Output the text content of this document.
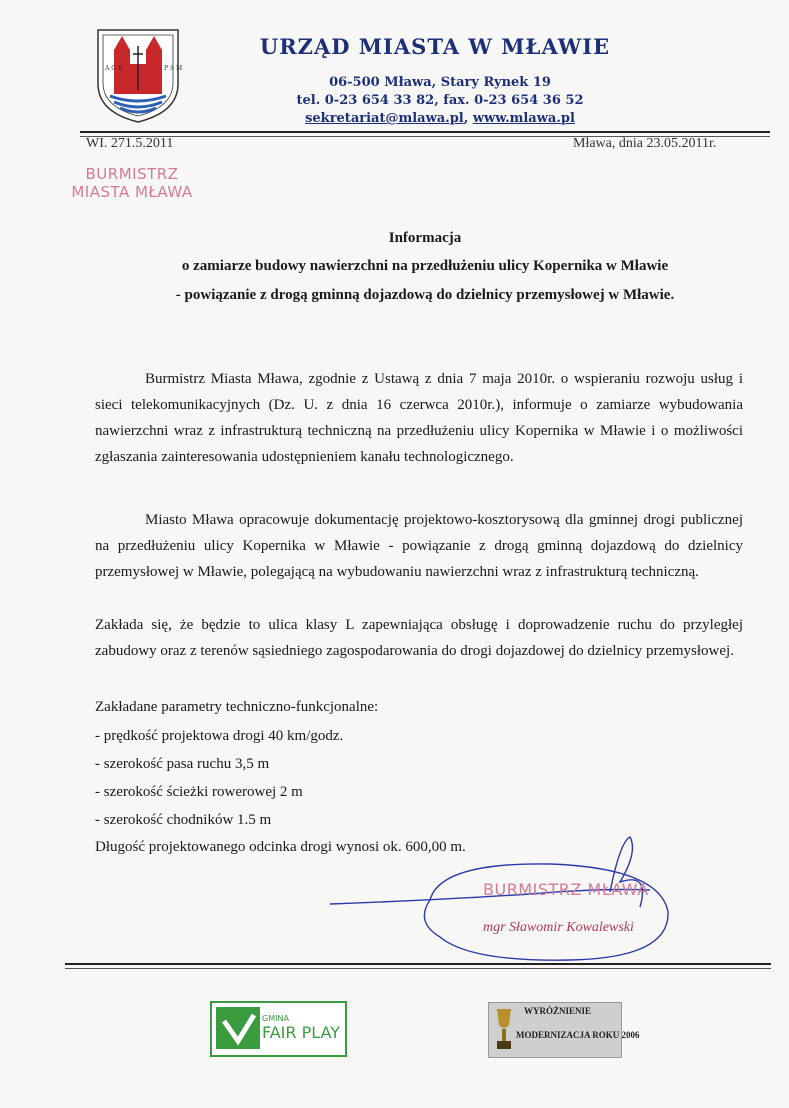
A O R	P S M
URZĄD MIASTA W MŁAWIE
06-500 Mława, Stary Rynek 19
tel. 0-23 654 33 82, fax. 0-23 654 36 52
sekretariat@mlawa.pl, www.mlawa.pl
WI. 271.5.2011	Mława, dnia 23.05.2011r.
BURMISTRZ
MIASTA MŁAWA
Informacja
o zamiarze budowy nawierzchni na przedłużeniu ulicy Kopernika w Mławie
- powiązanie z drogą gminną dojazdową do dzielnicy przemysłowej w Mławie.
Burmistrz Miasta Mława, zgodnie z Ustawą z dnia 7 maja 2010r. o wspieraniu rozwoju usług i sieci telekomunikacyjnych (Dz. U. z dnia 16 czerwca 2010r.), informuje o zamiarze wybudowania nawierzchni wraz z infrastrukturą techniczną na przedłużeniu ulicy Kopernika w Mławie i o możliwości zgłaszania zainteresowania udostępnieniem kanału technologicznego.
Miasto Mława opracowuje dokumentację projektowo-kosztorysową dla gminnej drogi publicznej na przedłużeniu ulicy Kopernika w Mławie - powiązanie z drogą gminną dojazdową do dzielnicy przemysłowej w Mławie, polegającą na wybudowaniu nawierzchni wraz z infrastrukturą techniczną.
Zakłada się, że będzie to ulica klasy L zapewniająca obsługę i doprowadzenie ruchu do przyległej zabudowy oraz z terenów sąsiedniego zagospodarowania do drogi dojazdowej do dzielnicy przemysłowej.
Zakładane parametry techniczno-funkcjonalne:
- prędkość projektowa drogi 40 km/godz.
- szerokość pasa ruchu 3,5 m
- szerokość ścieżki rowerowej 2 m
- szerokość chodników 1.5 m
Długość projektowanego odcinka drogi wynosi ok. 600,00 m.
BURMISTRZ MŁAWA
mgr Sławomir Kowalewski
GMINA
FAIR PLAY
WYRÓŻNIENIE
MODERNIZACJA ROKU 2006
